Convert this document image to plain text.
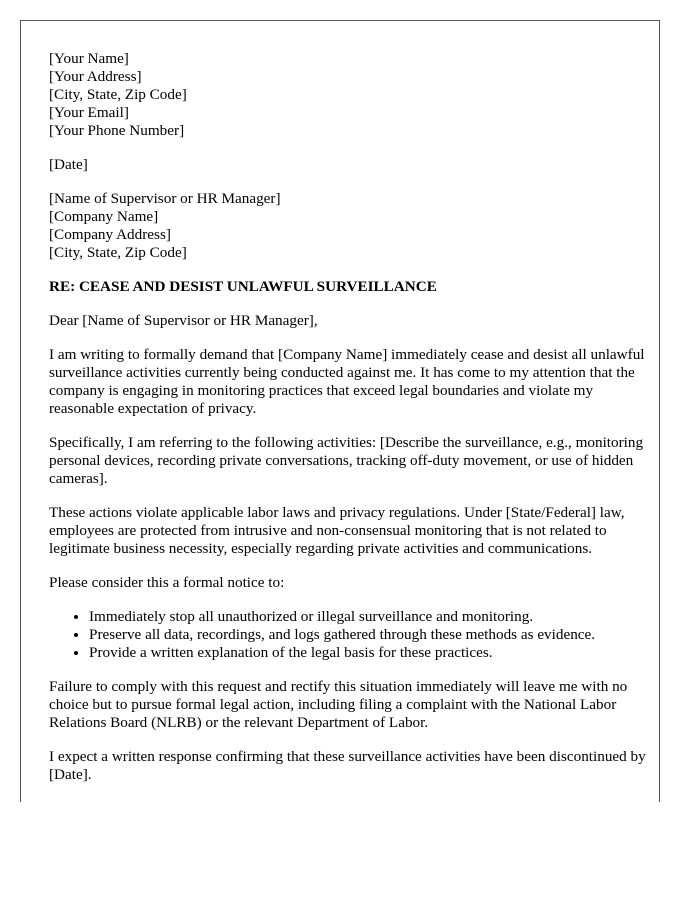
[Your Name]
[Your Address]
[City, State, Zip Code]
[Your Email]
[Your Phone Number]
[Date]
[Name of Supervisor or HR Manager]
[Company Name]
[Company Address]
[City, State, Zip Code]
RE: CEASE AND DESIST UNLAWFUL SURVEILLANCE

Dear [Name of Supervisor or HR Manager],

I am writing to formally demand that [Company Name] immediately cease and desist all unlawful surveillance activities currently being conducted against me. It has come to my attention that the company is engaging in monitoring practices that exceed legal boundaries and violate my reasonable expectation of privacy.

Specifically, I am referring to the following activities: [Describe the surveillance, e.g., monitoring personal devices, recording private conversations, tracking off-duty movement, or use of hidden cameras].

These actions violate applicable labor laws and privacy regulations. Under [State/Federal] law, employees are protected from intrusive and non-consensual monitoring that is not related to legitimate business necessity, especially regarding private activities and communications.

Please consider this a formal notice to:

• Immediately stop all unauthorized or illegal surveillance and monitoring.
• Preserve all data, recordings, and logs gathered through these methods as evidence.
• Provide a written explanation of the legal basis for these practices.

Failure to comply with this request and rectify this situation immediately will leave me with no choice but to pursue formal legal action, including filing a complaint with the National Labor Relations Board (NLRB) or the relevant Department of Labor.

I expect a written response confirming that these surveillance activities have been discontinued by [Date].
